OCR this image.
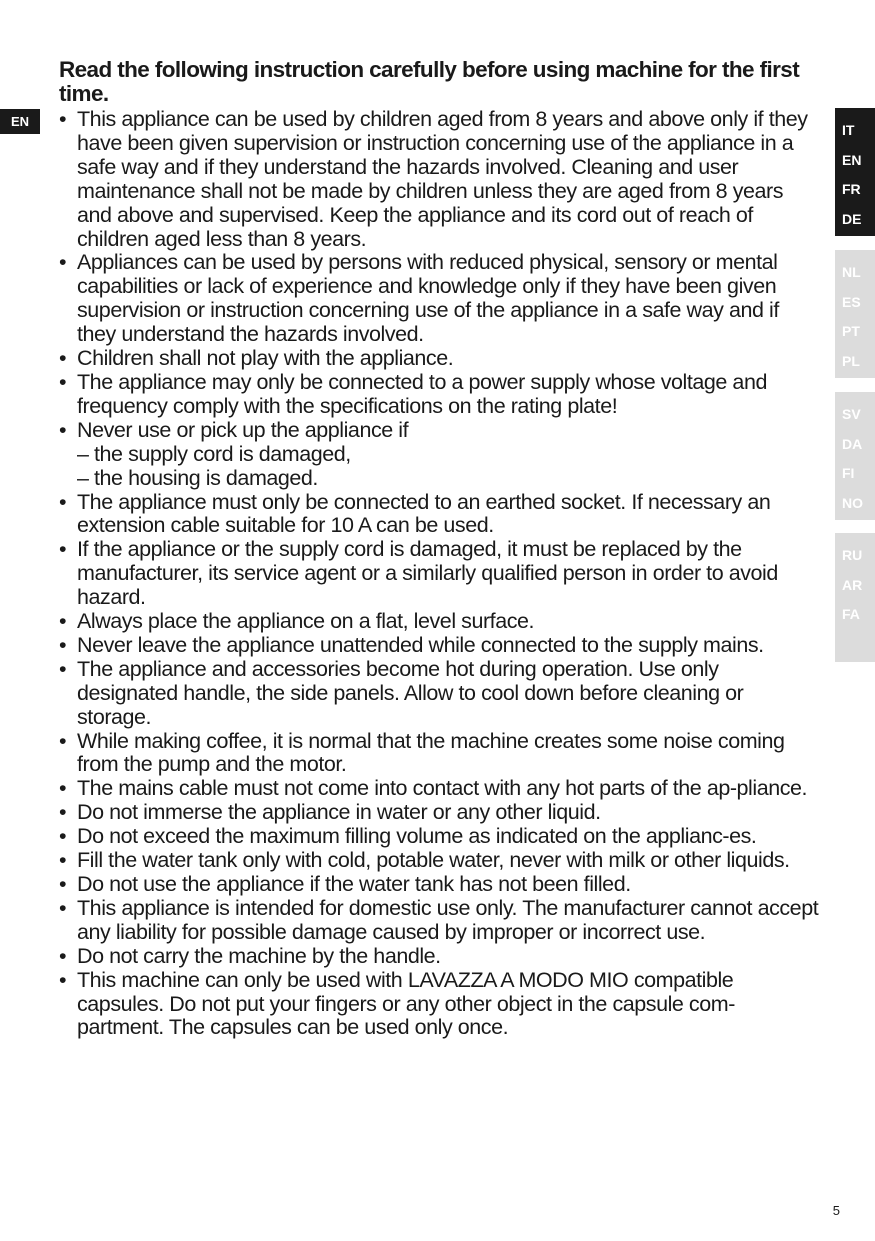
Read the following instruction carefully before using machine for the first time.
EN	• This appliance can be used by children aged from 8 years and above only if they have been given supervision or instruction concerning use of the appliance in a safe way and if they understand the hazards involved. Cleaning and user maintenance shall not be made by children unless they are aged from 8 years and above and supervised. Keep the appliance and its cord out of reach of children aged less than 8 years.
• Appliances can be used by persons with reduced physical, sensory or mental capabilities or lack of experience and knowledge only if they have been given supervision or instruction concerning use of the appliance in a safe way and if they understand the hazards involved.
• Children shall not play with the appliance.
• The appliance may only be connected to a power supply whose voltage and frequency comply with the specifications on the rating plate!
• Never use or pick up the appliance if
– the supply cord is damaged,
– the housing is damaged.
• The appliance must only be connected to an earthed socket. If necessary an extension cable suitable for 10 A can be used.
• If the appliance or the supply cord is damaged, it must be replaced by the manufacturer, its service agent or a similarly qualified person in order to avoid hazard.
• Always place the appliance on a flat, level surface.
• Never leave the appliance unattended while connected to the supply mains.
• The appliance and accessories become hot during operation. Use only designated handle, the side panels. Allow to cool down before cleaning or storage.
• While making coffee, it is normal that the machine creates some noise coming from the pump and the motor.
• The mains cable must not come into contact with any hot parts of the ap-pliance.
• Do not immerse the appliance in water or any other liquid.
• Do not exceed the maximum filling volume as indicated on the applianc-es.
• Fill the water tank only with cold, potable water, never with milk or other liquids.
• Do not use the appliance if the water tank has not been filled.
• This appliance is intended for domestic use only. The manufacturer cannot accept any liability for possible damage caused by improper or incorrect use.
• Do not carry the machine by the handle.
• This machine can only be used with LAVAZZA A MODO MIO compatible capsules. Do not put your fingers or any other object in the capsule com-partment. The capsules can be used only once.
IT
EN
FR
DE
NL
ES
PT
PL
SV
DA
FI
NO
RU
AR
FA
5
